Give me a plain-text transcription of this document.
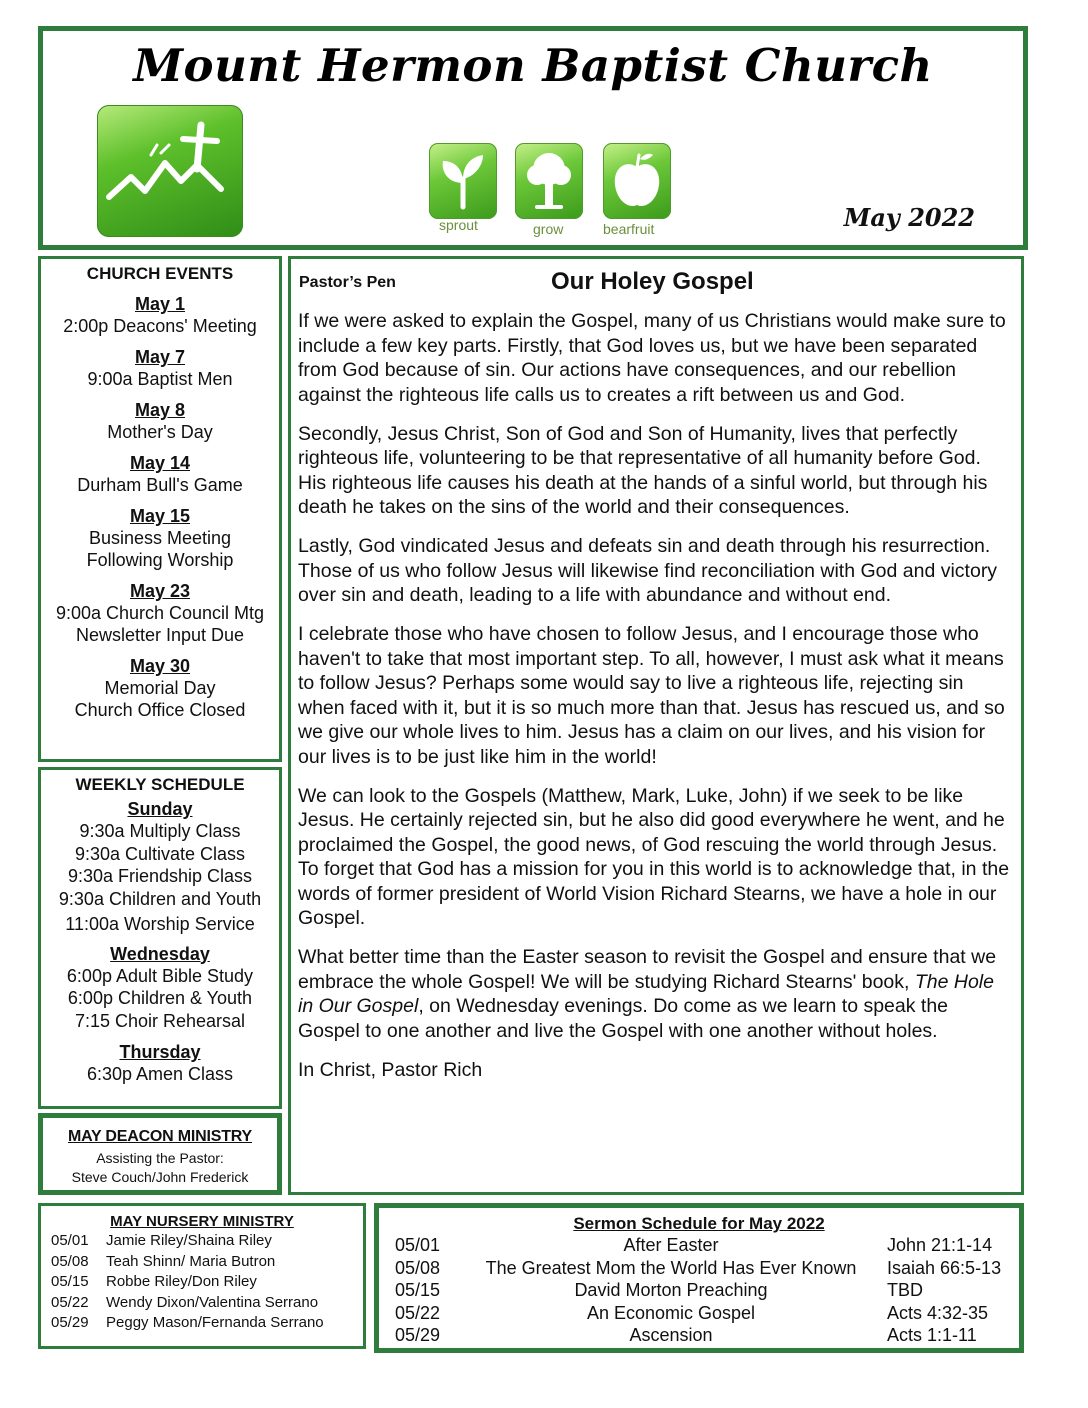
Mount Hermon Baptist Church
sprout	grow	bearfruit	May 2022
CHURCH EVENTS
May 1
2:00p Deacons' Meeting
May 7
9:00a Baptist Men
May 8
Mother's Day
May 14
Durham Bull's Game
May 15
Business Meeting
Following Worship
May 23
9:00a Church Council Mtg
Newsletter Input Due
May 30
Memorial Day
Church Office Closed
WEEKLY SCHEDULE
Sunday
9:30a Multiply Class
9:30a Cultivate Class
9:30a Friendship Class
9:30a Children and Youth
11:00a Worship Service
Wednesday
6:00p Adult Bible Study
6:00p Children & Youth
7:15 Choir Rehearsal
Thursday
6:30p Amen Class
MAY DEACON MINISTRY
Assisting the Pastor:
Steve Couch/John Frederick
Pastor’s Pen	Our Holey Gospel

If we were asked to explain the Gospel, many of us Christians would make sure to include a few key parts. Firstly, that God loves us, but we have been separated from God because of sin. Our actions have consequences, and our rebellion against the righteous life calls us to creates a rift between us and God.

Secondly, Jesus Christ, Son of God and Son of Humanity, lives that perfectly righteous life, volunteering to be that representative of all humanity before God. His righteous life causes his death at the hands of a sinful world, but through his death he takes on the sins of the world and their consequences.

Lastly, God vindicated Jesus and defeats sin and death through his resurrection. Those of us who follow Jesus will likewise find reconciliation with God and victory over sin and death, leading to a life with abundance and without end.

I celebrate those who have chosen to follow Jesus, and I encourage those who haven't to take that most important step. To all, however, I must ask what it means to follow Jesus? Perhaps some would say to live a righteous life, rejecting sin when faced with it, but it is so much more than that. Jesus has rescued us, and so we give our whole lives to him. Jesus has a claim on our lives, and his vision for our lives is to be just like him in the world!

We can look to the Gospels (Matthew, Mark, Luke, John) if we seek to be like Jesus. He certainly rejected sin, but he also did good everywhere he went, and he proclaimed the Gospel, the good news, of God rescuing the world through Jesus. To forget that God has a mission for you in this world is to acknowledge that, in the words of former president of World Vision Richard Stearns, we have a hole in our Gospel.

What better time than the Easter season to revisit the Gospel and ensure that we embrace the whole Gospel! We will be studying Richard Stearns' book, The Hole in Our Gospel, on Wednesday evenings. Do come as we learn to speak the Gospel to one another and live the Gospel with one another without holes.

In Christ, Pastor Rich
MAY NURSERY MINISTRY
05/01	Jamie Riley/Shaina Riley
05/08	Teah Shinn/ Maria Butron
05/15	Robbe Riley/Don Riley
05/22	Wendy Dixon/Valentina Serrano
05/29	Peggy Mason/Fernanda Serrano
Sermon Schedule for May 2022
05/01	After Easter	John 21:1-14
05/08	The Greatest Mom the World Has Ever Known	Isaiah 66:5-13
05/15	David Morton Preaching	TBD
05/22	An Economic Gospel	Acts 4:32-35
05/29	Ascension	Acts 1:1-11
